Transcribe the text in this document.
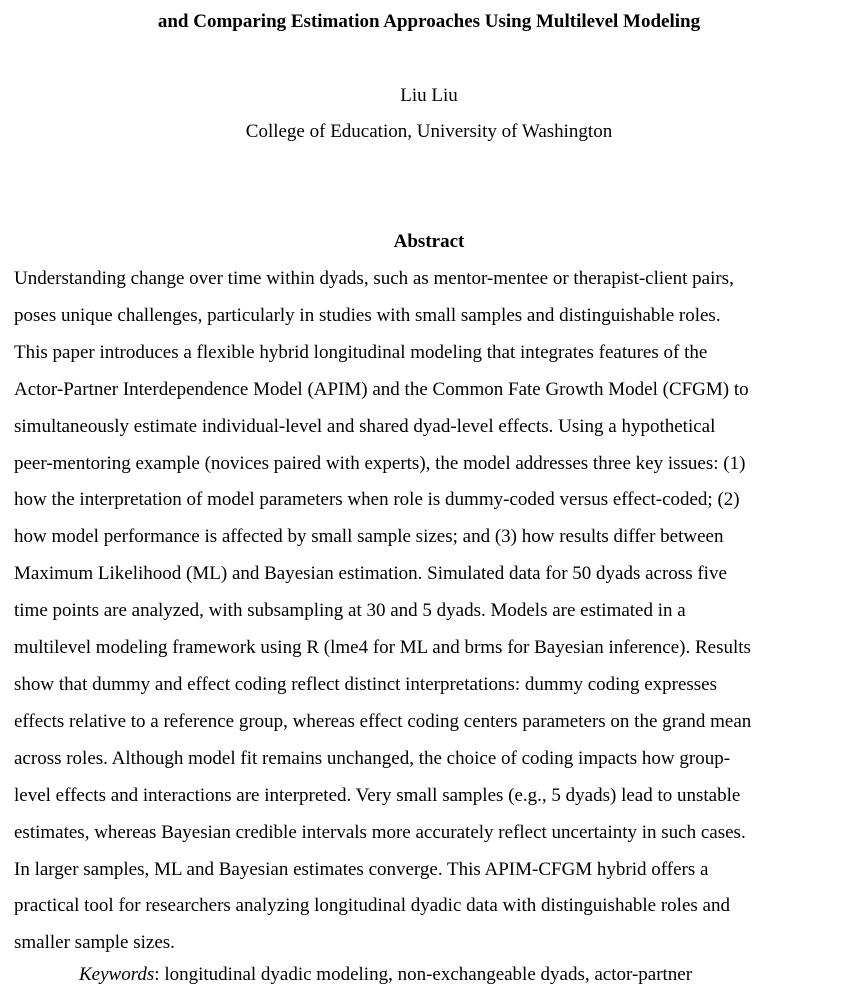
and Comparing Estimation Approaches Using Multilevel Modeling
Liu Liu
College of Education, University of Washington
Abstract
Understanding change over time within dyads, such as mentor-mentee or therapist-client pairs,
poses unique challenges, particularly in studies with small samples and distinguishable roles.
This paper introduces a flexible hybrid longitudinal modeling that integrates features of the
Actor-Partner Interdependence Model (APIM) and the Common Fate Growth Model (CFGM) to
simultaneously estimate individual-level and shared dyad-level effects. Using a hypothetical
peer-mentoring example (novices paired with experts), the model addresses three key issues: (1)
how the interpretation of model parameters when role is dummy-coded versus effect-coded; (2)
how model performance is affected by small sample sizes; and (3) how results differ between
Maximum Likelihood (ML) and Bayesian estimation. Simulated data for 50 dyads across five
time points are analyzed, with subsampling at 30 and 5 dyads. Models are estimated in a
multilevel modeling framework using R (lme4 for ML and brms for Bayesian inference). Results
show that dummy and effect coding reflect distinct interpretations: dummy coding expresses
effects relative to a reference group, whereas effect coding centers parameters on the grand mean
across roles. Although model fit remains unchanged, the choice of coding impacts how group-
level effects and interactions are interpreted. Very small samples (e.g., 5 dyads) lead to unstable
estimates, whereas Bayesian credible intervals more accurately reflect uncertainty in such cases.
In larger samples, ML and Bayesian estimates converge. This APIM-CFGM hybrid offers a
practical tool for researchers analyzing longitudinal dyadic data with distinguishable roles and
smaller sample sizes.
Keywords: longitudinal dyadic modeling, non-exchangeable dyads, actor-partner
